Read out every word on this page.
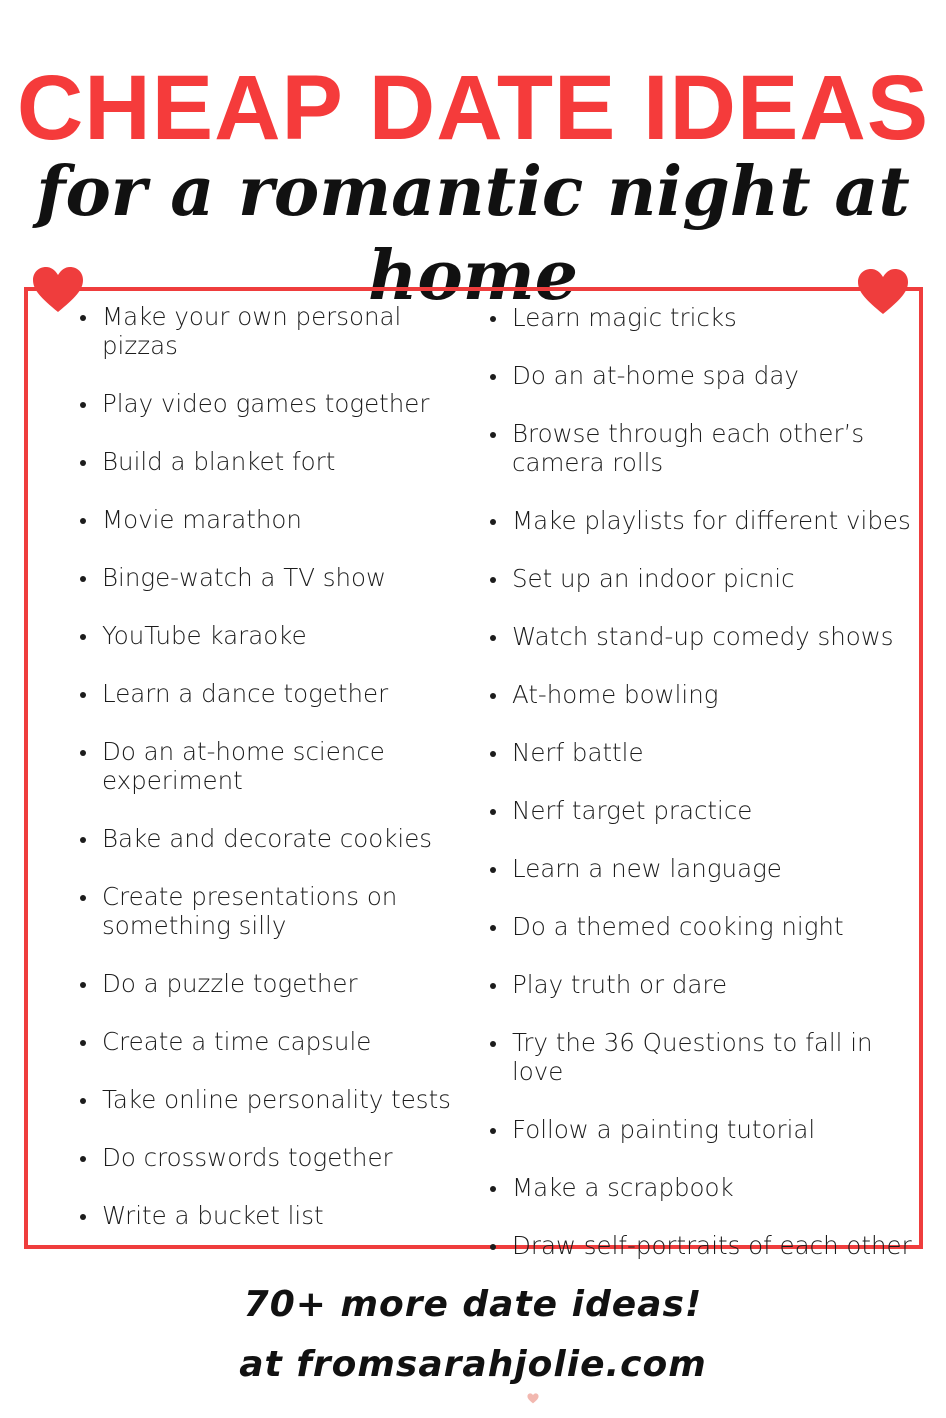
CHEAP DATE IDEAS
for a romantic night at home
Make your own personal pizzas
Play video games together
Build a blanket fort
Movie marathon
Binge-watch a TV show
YouTube karaoke
Learn a dance together
Do an at-home science experiment
Bake and decorate cookies
Create presentations on something silly
Do a puzzle together
Create a time capsule
Take online personality tests
Do crosswords together
Write a bucket list
Learn magic tricks
Do an at-home spa day
Browse through each other’s camera rolls
Make playlists for different vibes
Set up an indoor picnic
Watch stand-up comedy shows
At-home bowling
Nerf battle
Nerf target practice
Learn a new language
Do a themed cooking night
Play truth or dare
Try the 36 Questions to fall in love
Follow a painting tutorial
Make a scrapbook
Draw self-portraits of each other

70+ more date ideas!

at fromsarahjolie.com
